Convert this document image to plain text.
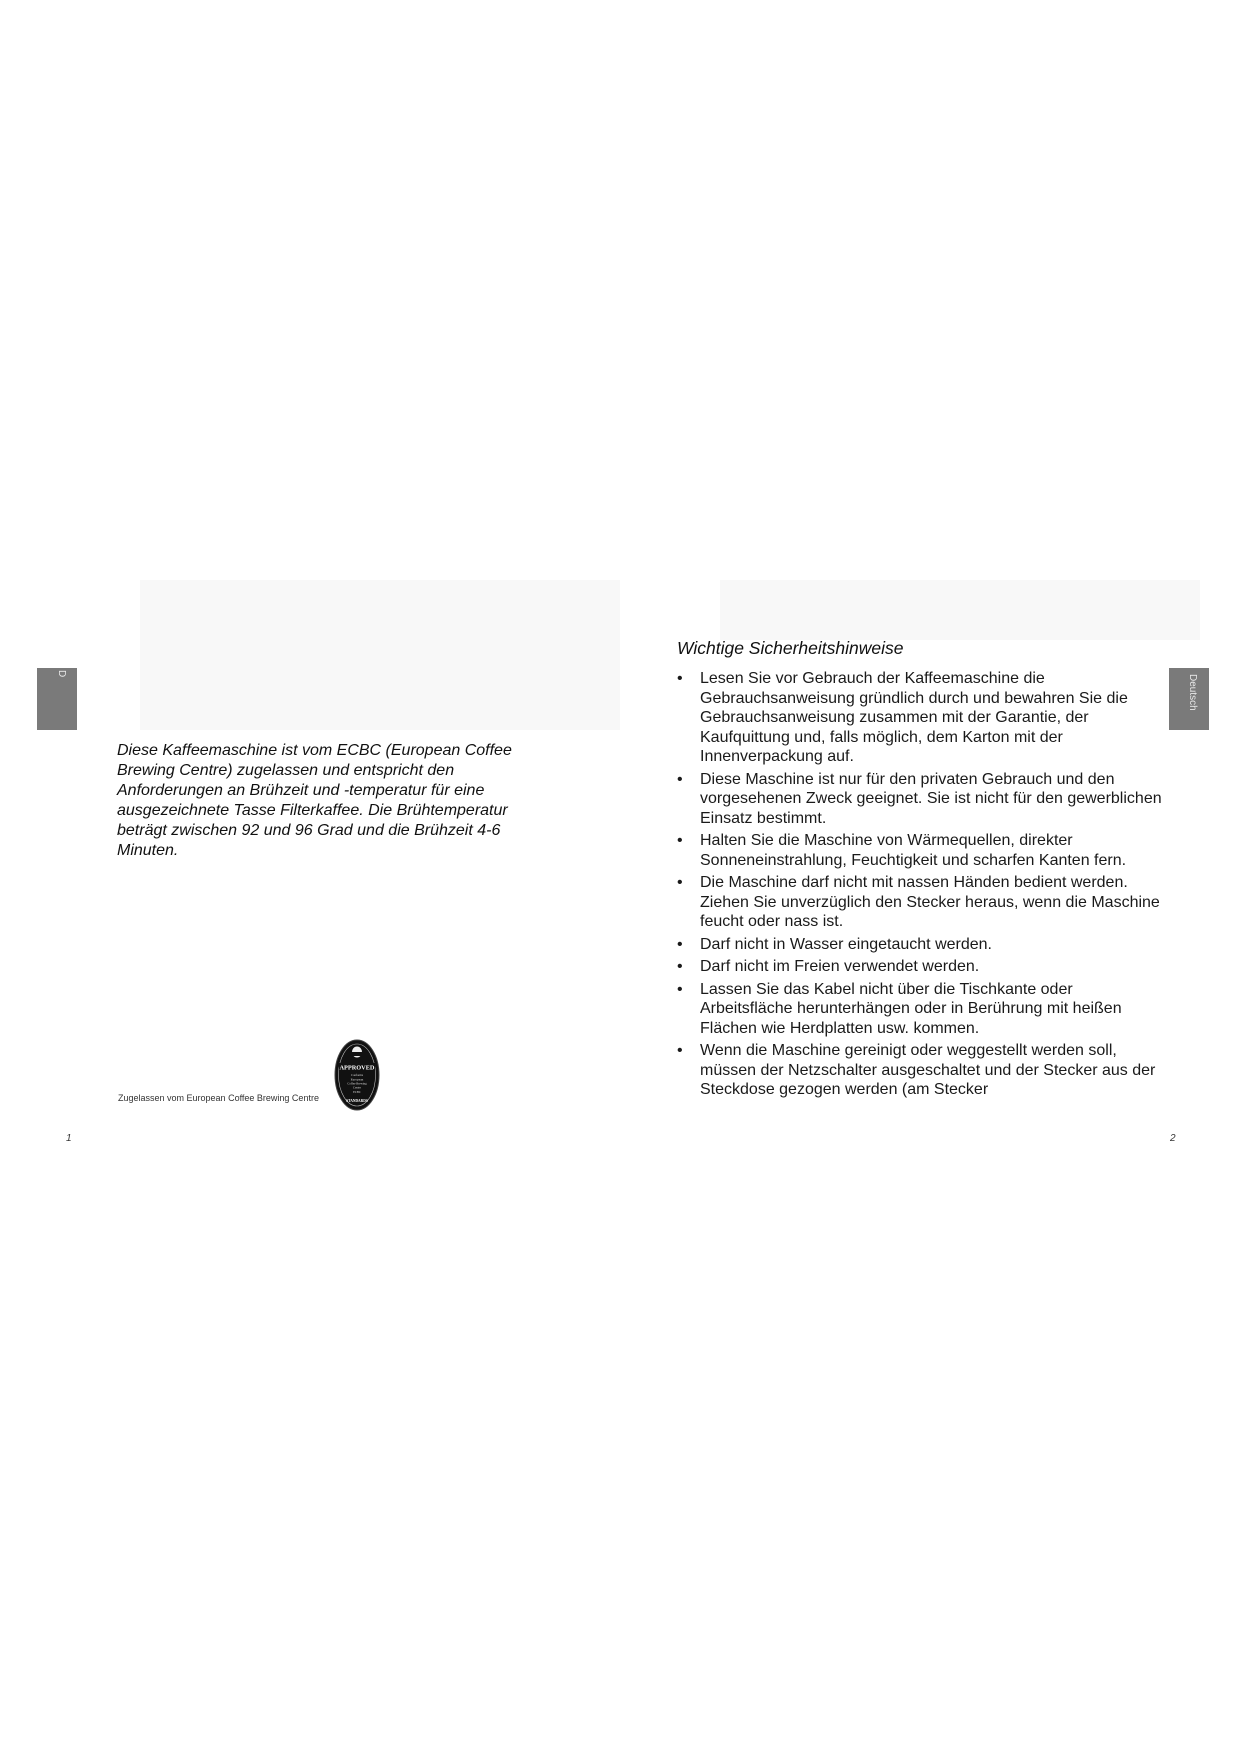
D

Diese Kaffeemaschine ist vom ECBC (European Coffee Brewing Centre) zugelassen und entspricht den Anforderungen an Brühzeit und -temperatur für eine ausgezeichnete Tasse Filterkaffee. Die Brühtemperatur beträgt zwischen 92 und 96 Grad und die Brühzeit 4-6 Minuten.

Zugelassen vom European Coffee Brewing Centre
APPROVED
Conforms
European
Coffee Brewing
Centre
ECBC
STANDARDS
1
Deutsch
Wichtige Sicherheitshinweise
• Lesen Sie vor Gebrauch der Kaffeemaschine die Gebrauchsanweisung gründlich durch und bewahren Sie die Gebrauchsanweisung zusammen mit der Garantie, der Kaufquittung und, falls möglich, dem Karton mit der Innenverpackung auf.
• Diese Maschine ist nur für den privaten Gebrauch und den vorgesehenen Zweck geeignet. Sie ist nicht für den gewerblichen Einsatz bestimmt.
• Halten Sie die Maschine von Wärmequellen, direkter Sonneneinstrahlung, Feuchtigkeit und scharfen Kanten fern.
• Die Maschine darf nicht mit nassen Händen bedient werden. Ziehen Sie unverzüglich den Stecker heraus, wenn die Maschine feucht oder nass ist.
• Darf nicht in Wasser eingetaucht werden.
• Darf nicht im Freien verwendet werden.
• Lassen Sie das Kabel nicht über die Tischkante oder Arbeitsfläche herunterhängen oder in Berührung mit heißen Flächen wie Herdplatten usw. kommen.
• Wenn die Maschine gereinigt oder weggestellt werden soll, müssen der Netzschalter ausgeschaltet und der Stecker aus der Steckdose gezogen werden (am Stecker
2
